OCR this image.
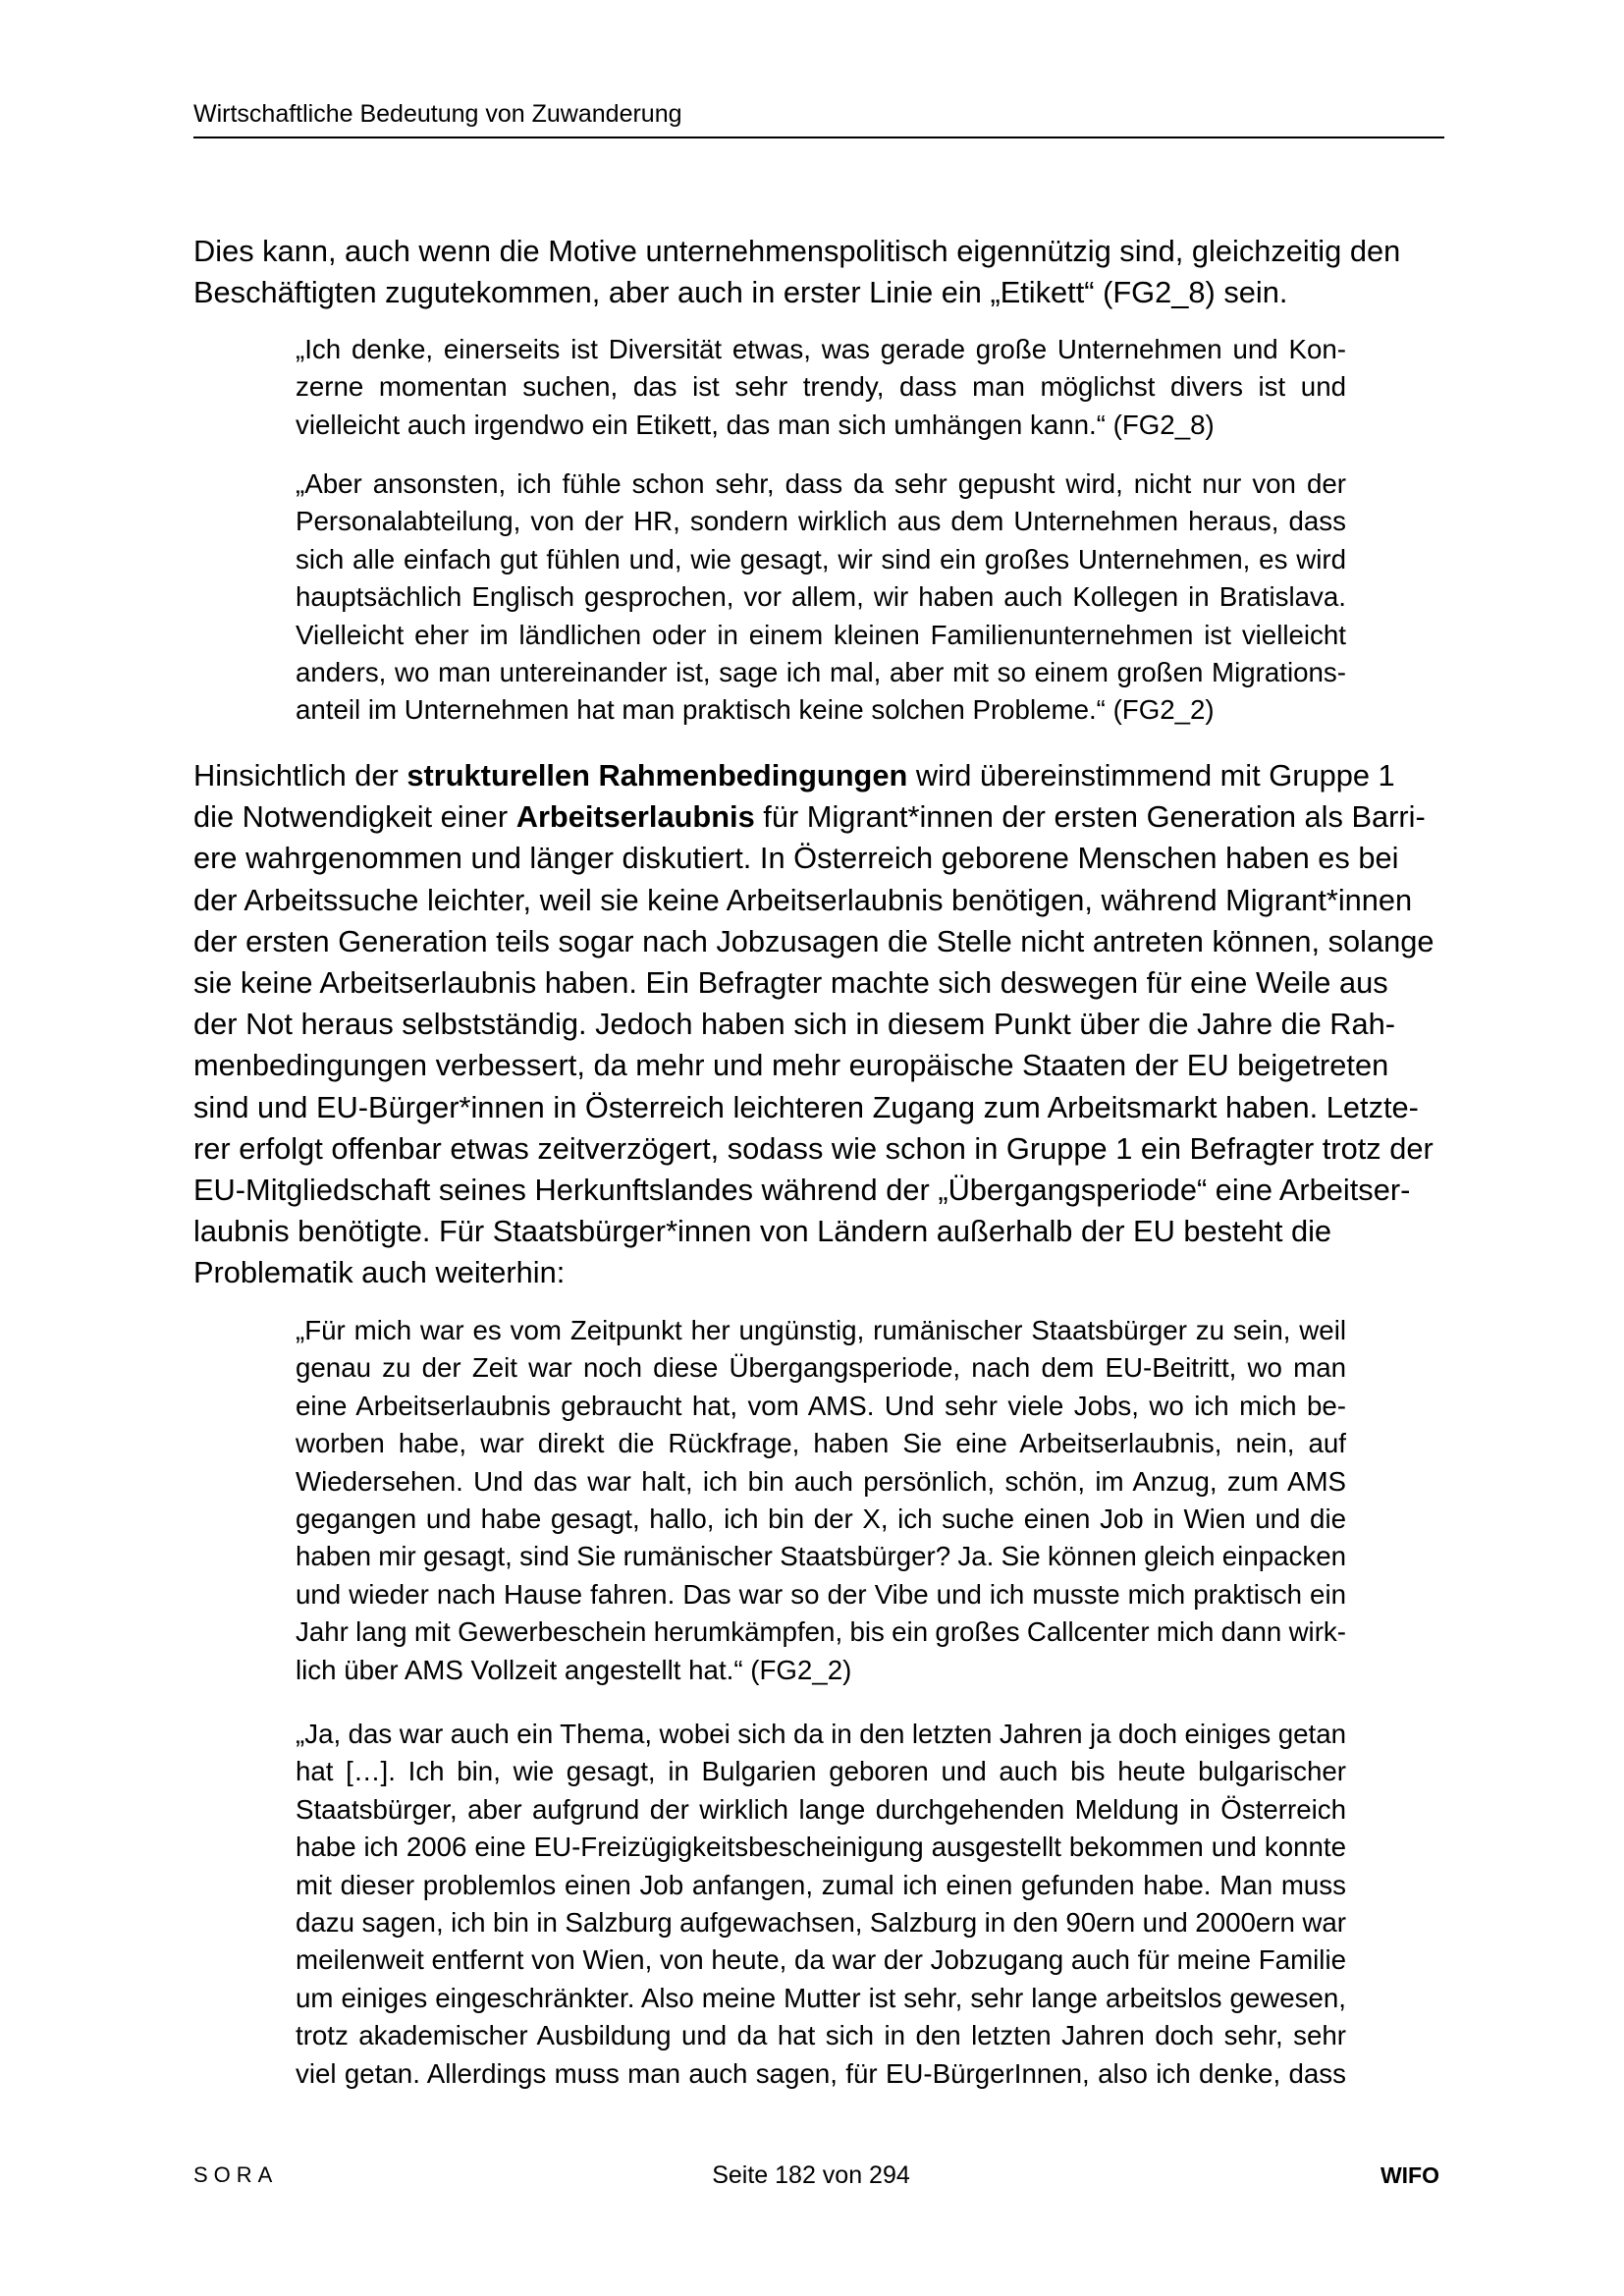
Wirtschaftliche Bedeutung von Zuwanderung
Dies kann, auch wenn die Motive unternehmenspolitisch eigennützig sind, gleichzeitig den
Beschäftigten zugutekommen, aber auch in erster Linie ein „Etikett“ (FG2_8) sein.
„Ich denke, einerseits ist Diversität etwas, was gerade große Unternehmen und Kon-
zerne momentan suchen, das ist sehr trendy, dass man möglichst divers ist und
vielleicht auch irgendwo ein Etikett, das man sich umhängen kann.“ (FG2_8)
„Aber ansonsten, ich fühle schon sehr, dass da sehr gepusht wird, nicht nur von der
Personalabteilung, von der HR, sondern wirklich aus dem Unternehmen heraus, dass
sich alle einfach gut fühlen und, wie gesagt, wir sind ein großes Unternehmen, es wird
hauptsächlich Englisch gesprochen, vor allem, wir haben auch Kollegen in Bratislava.
Vielleicht eher im ländlichen oder in einem kleinen Familienunternehmen ist vielleicht
anders, wo man untereinander ist, sage ich mal, aber mit so einem großen Migrations-
anteil im Unternehmen hat man praktisch keine solchen Probleme.“ (FG2_2)
Hinsichtlich der strukturellen Rahmenbedingungen wird übereinstimmend mit Gruppe 1
die Notwendigkeit einer Arbeitserlaubnis für Migrant*innen der ersten Generation als Barri-
ere wahrgenommen und länger diskutiert. In Österreich geborene Menschen haben es bei
der Arbeitssuche leichter, weil sie keine Arbeitserlaubnis benötigen, während Migrant*innen
der ersten Generation teils sogar nach Jobzusagen die Stelle nicht antreten können, solange
sie keine Arbeitserlaubnis haben. Ein Befragter machte sich deswegen für eine Weile aus
der Not heraus selbstständig. Jedoch haben sich in diesem Punkt über die Jahre die Rah-
menbedingungen verbessert, da mehr und mehr europäische Staaten der EU beigetreten
sind und EU-Bürger*innen in Österreich leichteren Zugang zum Arbeitsmarkt haben. Letzte-
rer erfolgt offenbar etwas zeitverzögert, sodass wie schon in Gruppe 1 ein Befragter trotz der
EU-Mitgliedschaft seines Herkunftslandes während der „Übergangsperiode“ eine Arbeitser-
laubnis benötigte. Für Staatsbürger*innen von Ländern außerhalb der EU besteht die
Problematik auch weiterhin:
„Für mich war es vom Zeitpunkt her ungünstig, rumänischer Staatsbürger zu sein, weil
genau zu der Zeit war noch diese Übergangsperiode, nach dem EU-Beitritt, wo man
eine Arbeitserlaubnis gebraucht hat, vom AMS. Und sehr viele Jobs, wo ich mich be-
worben habe, war direkt die Rückfrage, haben Sie eine Arbeitserlaubnis, nein, auf
Wiedersehen. Und das war halt, ich bin auch persönlich, schön, im Anzug, zum AMS
gegangen und habe gesagt, hallo, ich bin der X, ich suche einen Job in Wien und die
haben mir gesagt, sind Sie rumänischer Staatsbürger? Ja. Sie können gleich einpacken
und wieder nach Hause fahren. Das war so der Vibe und ich musste mich praktisch ein
Jahr lang mit Gewerbeschein herumkämpfen, bis ein großes Callcenter mich dann wirk-
lich über AMS Vollzeit angestellt hat.“ (FG2_2)
„Ja, das war auch ein Thema, wobei sich da in den letzten Jahren ja doch einiges getan
hat […]. Ich bin, wie gesagt, in Bulgarien geboren und auch bis heute bulgarischer
Staatsbürger, aber aufgrund der wirklich lange durchgehenden Meldung in Österreich
habe ich 2006 eine EU-Freizügigkeitsbescheinigung ausgestellt bekommen und konnte
mit dieser problemlos einen Job anfangen, zumal ich einen gefunden habe. Man muss
dazu sagen, ich bin in Salzburg aufgewachsen, Salzburg in den 90ern und 2000ern war
meilenweit entfernt von Wien, von heute, da war der Jobzugang auch für meine Familie
um einiges eingeschränkter. Also meine Mutter ist sehr, sehr lange arbeitslos gewesen,
trotz akademischer Ausbildung und da hat sich in den letzten Jahren doch sehr, sehr
viel getan. Allerdings muss man auch sagen, für EU-BürgerInnen, also ich denke, dass
SORA	Seite 182 von 294	WIFO
